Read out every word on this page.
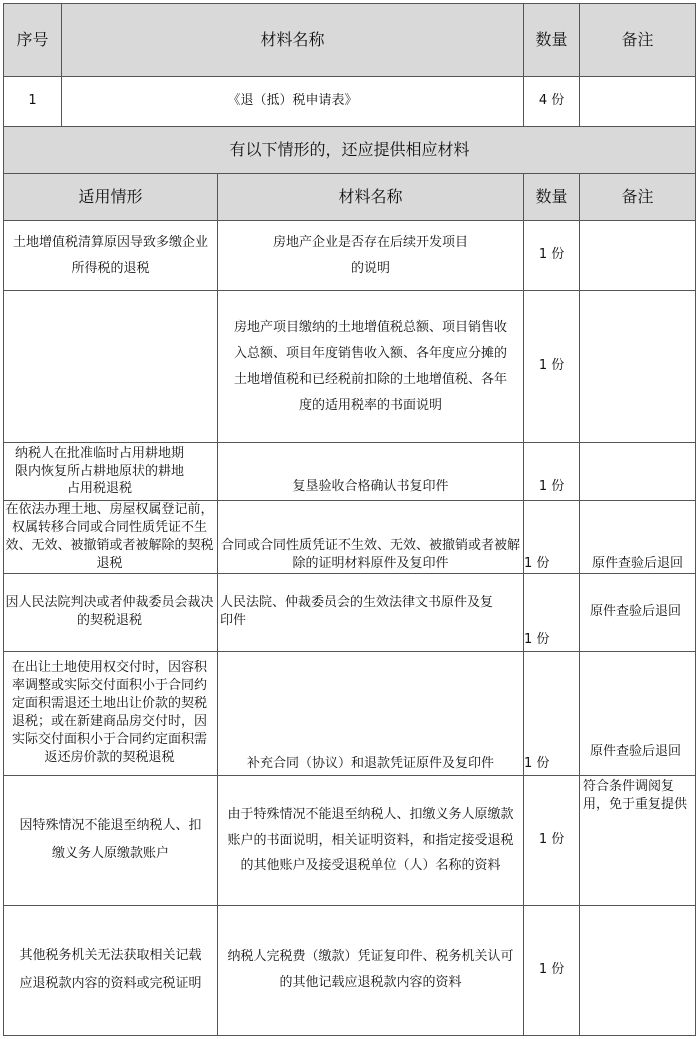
序号	材料名称		数量	备注
1	《退（抵）税申请表》		4 份	
有以下情形的，还应提供相应材料				
适用情形		材料名称	数量	备注
土地增值税清算原因导致多缴企业所得税的退税		房地产企业是否存在后续开发项目的说明	1 份	
		房地产项目缴纳的土地增值税总额、项目销售收入总额、项目年度销售收入额、各年度应分摊的土地增值税和已经税前扣除的土地增值税、各年度的适用税率的书面说明	1 份	
纳税人在批准临时占用耕地期限内恢复所占耕地原状的耕地占用税退税		复垦验收合格确认书复印件	1 份	
在依法办理土地、房屋权属登记前，权属转移合同或合同性质凭证不生效、无效、被撤销或者被解除的契税退税		合同或合同性质凭证不生效、无效、被撤销或者被解除的证明材料原件及复印件	1 份	原件查验后退回
因人民法院判决或者仲裁委员会裁决的契税退税		人民法院、仲裁委员会的生效法律文书原件及复印件	1 份	原件查验后退回
在出让土地使用权交付时，因容积率调整或实际交付面积小于合同约定面积需退还土地出让价款的契税退税；或在新建商品房交付时，因实际交付面积小于合同约定面积需返还房价款的契税退税		补充合同（协议）和退款凭证原件及复印件	1 份	原件查验后退回
因特殊情况不能退至纳税人、扣缴义务人原缴款账户		由于特殊情况不能退至纳税人、扣缴义务人原缴款账户的书面说明，相关证明资料，和指定接受退税的其他账户及接受退税单位（人）名称的资料	1 份	符合条件调阅复用，免于重复提供
其他税务机关无法获取相关记载应退税款内容的资料或完税证明		纳税人完税费（缴款）凭证复印件、税务机关认可的其他记载应退税款内容的资料	1 份	
